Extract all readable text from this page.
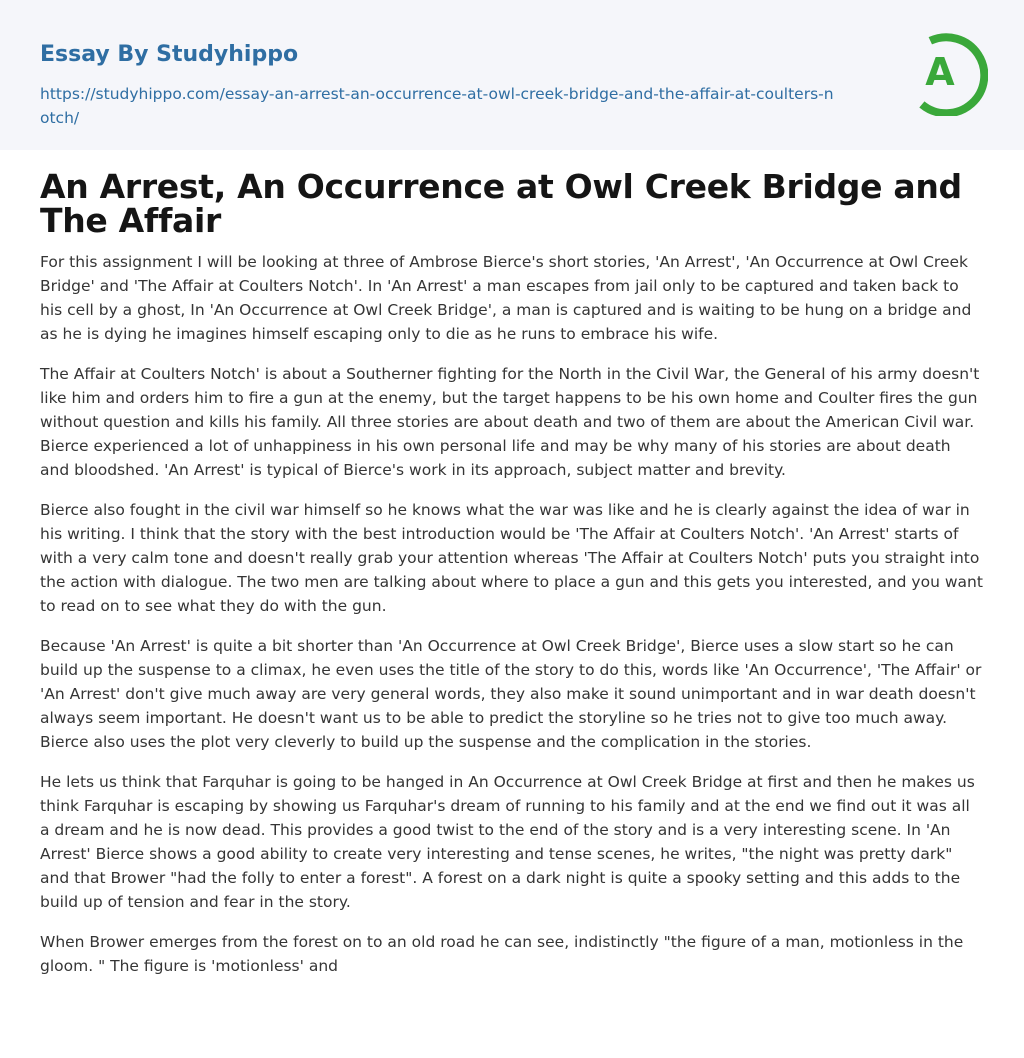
Essay By Studyhippo
https://studyhippo.com/essay-an-arrest-an-occurrence-at-owl-creek-bridge-and-the-affair-at-coulters-notch/
A
An Arrest, An Occurrence at Owl Creek Bridge and The Affair

For this assignment I will be looking at three of Ambrose Bierce's short stories, 'An Arrest', 'An Occurrence at Owl Creek Bridge' and 'The Affair at Coulters Notch'. In 'An Arrest' a man escapes from jail only to be captured and taken back to his cell by a ghost, In 'An Occurrence at Owl Creek Bridge', a man is captured and is waiting to be hung on a bridge and as he is dying he imagines himself escaping only to die as he runs to embrace his wife.

The Affair at Coulters Notch' is about a Southerner fighting for the North in the Civil War, the General of his army doesn't like him and orders him to fire a gun at the enemy, but the target happens to be his own home and Coulter fires the gun without question and kills his family. All three stories are about death and two of them are about the American Civil war. Bierce experienced a lot of unhappiness in his own personal life and may be why many of his stories are about death and bloodshed. 'An Arrest' is typical of Bierce's work in its approach, subject matter and brevity.

Bierce also fought in the civil war himself so he knows what the war was like and he is clearly against the idea of war in his writing. I think that the story with the best introduction would be 'The Affair at Coulters Notch'. 'An Arrest' starts of with a very calm tone and doesn't really grab your attention whereas 'The Affair at Coulters Notch' puts you straight into the action with dialogue. The two men are talking about where to place a gun and this gets you interested, and you want to read on to see what they do with the gun.

Because 'An Arrest' is quite a bit shorter than 'An Occurrence at Owl Creek Bridge', Bierce uses a slow start so he can build up the suspense to a climax, he even uses the title of the story to do this, words like 'An Occurrence', 'The Affair' or 'An Arrest' don't give much away are very general words, they also make it sound unimportant and in war death doesn't always seem important. He doesn't want us to be able to predict the storyline so he tries not to give too much away. Bierce also uses the plot very cleverly to build up the suspense and the complication in the stories.

He lets us think that Farquhar is going to be hanged in An Occurrence at Owl Creek Bridge at first and then he makes us think Farquhar is escaping by showing us Farquhar's dream of running to his family and at the end we find out it was all a dream and he is now dead. This provides a good twist to the end of the story and is a very interesting scene. In 'An Arrest' Bierce shows a good ability to create very interesting and tense scenes, he writes, "the night was pretty dark" and that Brower "had the folly to enter a forest". A forest on a dark night is quite a spooky setting and this adds to the build up of tension and fear in the story.

When Brower emerges from the forest on to an old road he can see, indistinctly "the figure of a man, motionless in the gloom. " The figure is 'motionless' and
